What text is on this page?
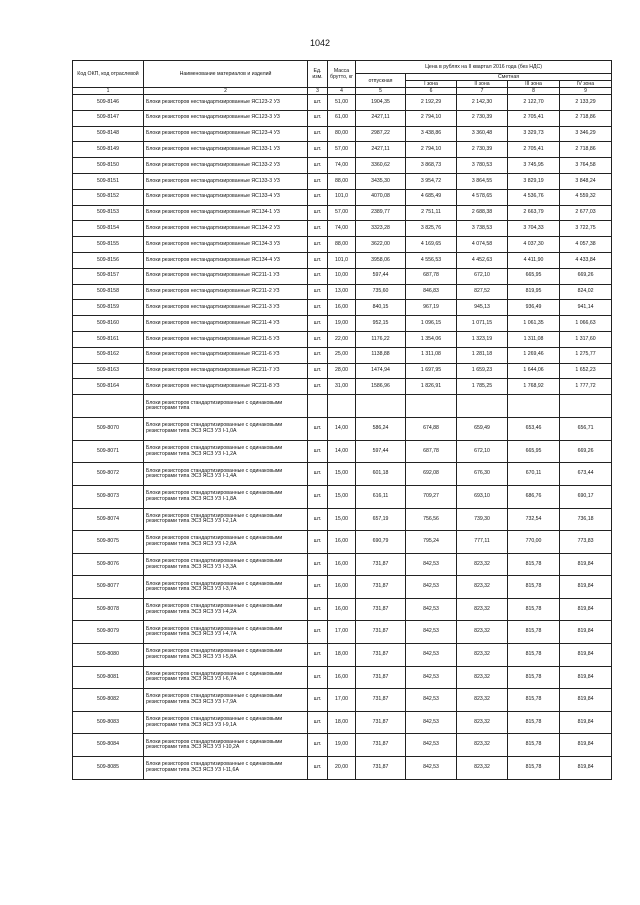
1042
Код ОКП, код отраслевой	Наименование материалов и изделий	Ед. изм.	Масса брутто, кг	Цена в рублях на II квартал 2016 года (без НДС)				
				отпускная	Сметная			
					I зона	II зона	III зона	IV зона
1	2	3	4	5	6	7	8	9
509-8146	Блоки резисторов нестандартизированные ЯС123-2 УЗ	шт.	51,00	1904,35	2 192,29	2 142,30	2 122,70	2 133,29
509-8147	Блоки резисторов нестандартизированные ЯС123-3 УЗ	шт.	61,00	2427,11	2 794,10	2 730,39	2 705,41	2 718,86
509-8148	Блоки резисторов нестандартизированные ЯС123-4 УЗ	шт.	80,00	2987,22	3 438,86	3 360,48	3 329,73	3 346,29
509-8149	Блоки резисторов нестандартизированные ЯС133-1 УЗ	шт.	57,00	2427,11	2 794,10	2 730,39	2 705,41	2 718,86
509-8150	Блоки резисторов нестандартизированные ЯС133-2 УЗ	шт.	74,00	3360,62	3 868,73	3 780,53	3 745,95	3 764,58
509-8151	Блоки резисторов нестандартизированные ЯС133-3 УЗ	шт.	88,00	3435,30	3 954,72	3 864,55	3 829,19	3 848,24
509-8152	Блоки резисторов нестандартизированные ЯС133-4 УЗ	шт.	101,0	4070,08	4 685,49	4 578,65	4 536,76	4 559,32
509-8153	Блоки резисторов нестандартизированные ЯС134-1 УЗ	шт.	57,00	2389,77	2 751,11	2 688,38	2 663,79	2 677,03
509-8154	Блоки резисторов нестандартизированные ЯС134-2 УЗ	шт.	74,00	3323,28	3 825,76	3 738,53	3 704,33	3 722,75
509-8155	Блоки резисторов нестандартизированные ЯС134-3 УЗ	шт.	88,00	3622,00	4 169,65	4 074,58	4 037,30	4 057,38
509-8156	Блоки резисторов нестандартизированные ЯС134-4 УЗ	шт.	101,0	3958,06	4 556,53	4 452,63	4 411,90	4 433,84
509-8157	Блоки резисторов нестандартизированные ЯС211-1 УЗ	шт.	10,00	597,44	687,78	672,10	665,95	669,26
509-8158	Блоки резисторов нестандартизированные ЯС211-2 УЗ	шт.	13,00	735,60	846,83	827,52	819,95	824,02
509-8159	Блоки резисторов нестандартизированные ЯС211-3 УЗ	шт.	16,00	840,15	967,19	945,13	936,49	941,14
509-8160	Блоки резисторов нестандартизированные ЯС211-4 УЗ	шт.	19,00	952,15	1 096,15	1 071,15	1 061,35	1 066,63
509-8161	Блоки резисторов нестандартизированные ЯС211-5 УЗ	шт.	22,00	1176,22	1 354,06	1 323,19	1 311,08	1 317,60
509-8162	Блоки резисторов нестандартизированные ЯС211-6 УЗ	шт.	25,00	1138,88	1 311,08	1 281,18	1 269,46	1 275,77
509-8163	Блоки резисторов нестандартизированные ЯС211-7 УЗ	шт.	28,00	1474,94	1 697,95	1 659,23	1 644,06	1 652,23
509-8164	Блоки резисторов нестандартизированные ЯС211-8 УЗ	шт.	31,00	1586,96	1 826,91	1 785,25	1 768,92	1 777,72
	Блоки резисторов стандартизированные с одинаковыми резисторами типа							
509-8070	Блоки резисторов стандартизированные с одинаковыми резисторами типа ЭСЗ ЯСЗ УЗ I-1,0А	шт.	14,00	586,24	674,88	659,49	653,46	656,71
509-8071	Блоки резисторов стандартизированные с одинаковыми резисторами типа ЭСЗ ЯСЗ УЗ I-1,2А	шт.	14,00	597,44	687,78	672,10	665,95	669,26
509-8072	Блоки резисторов стандартизированные с одинаковыми резисторами типа ЭСЗ ЯСЗ УЗ I-1,4А	шт.	15,00	601,18	692,08	676,30	670,11	673,44
509-8073	Блоки резисторов стандартизированные с одинаковыми резисторами типа ЭСЗ ЯСЗ УЗ I-1,8А	шт.	15,00	616,11	709,27	693,10	686,76	690,17
509-8074	Блоки резисторов стандартизированные с одинаковыми резисторами типа ЭСЗ ЯСЗ УЗ I-2,1А	шт.	15,00	657,19	756,56	739,30	732,54	736,18
509-8075	Блоки резисторов стандартизированные с одинаковыми резисторами типа ЭСЗ ЯСЗ УЗ I-2,8А	шт.	16,00	690,79	795,24	777,11	770,00	773,83
509-8076	Блоки резисторов стандартизированные с одинаковыми резисторами типа ЭСЗ ЯСЗ УЗ I-3,3А	шт.	16,00	731,87	842,53	823,32	815,78	819,84
509-8077	Блоки резисторов стандартизированные с одинаковыми резисторами типа ЭСЗ ЯСЗ УЗ I-3,7А	шт.	16,00	731,87	842,53	823,32	815,78	819,84
509-8078	Блоки резисторов стандартизированные с одинаковыми резисторами типа ЭСЗ ЯСЗ УЗ I-4,2А	шт.	16,00	731,87	842,53	823,32	815,78	819,84
509-8079	Блоки резисторов стандартизированные с одинаковыми резисторами типа ЭСЗ ЯСЗ УЗ I-4,7А	шт.	17,00	731,87	842,53	823,32	815,78	819,84
509-8080	Блоки резисторов стандартизированные с одинаковыми резисторами типа ЭСЗ ЯСЗ УЗ I-5,8А	шт.	18,00	731,87	842,53	823,32	815,78	819,84
509-8081	Блоки резисторов стандартизированные с одинаковыми резисторами типа ЭСЗ ЯСЗ УЗ I-6,7А	шт.	16,00	731,87	842,53	823,32	815,78	819,84
509-8082	Блоки резисторов стандартизированные с одинаковыми резисторами типа ЭСЗ ЯСЗ УЗ I-7,9А	шт.	17,00	731,87	842,53	823,32	815,78	819,84
509-8083	Блоки резисторов стандартизированные с одинаковыми резисторами типа ЭСЗ ЯСЗ УЗ I-9,1А	шт.	18,00	731,87	842,53	823,32	815,78	819,84
509-8084	Блоки резисторов стандартизированные с одинаковыми резисторами типа ЭСЗ ЯСЗ УЗ I-10,2А	шт.	19,00	731,87	842,53	823,32	815,78	819,84
509-8085	Блоки резисторов стандартизированные с одинаковыми резисторами типа ЭСЗ ЯСЗ УЗ I-11,6А	шт.	20,00	731,87	842,53	823,32	815,78	819,84
